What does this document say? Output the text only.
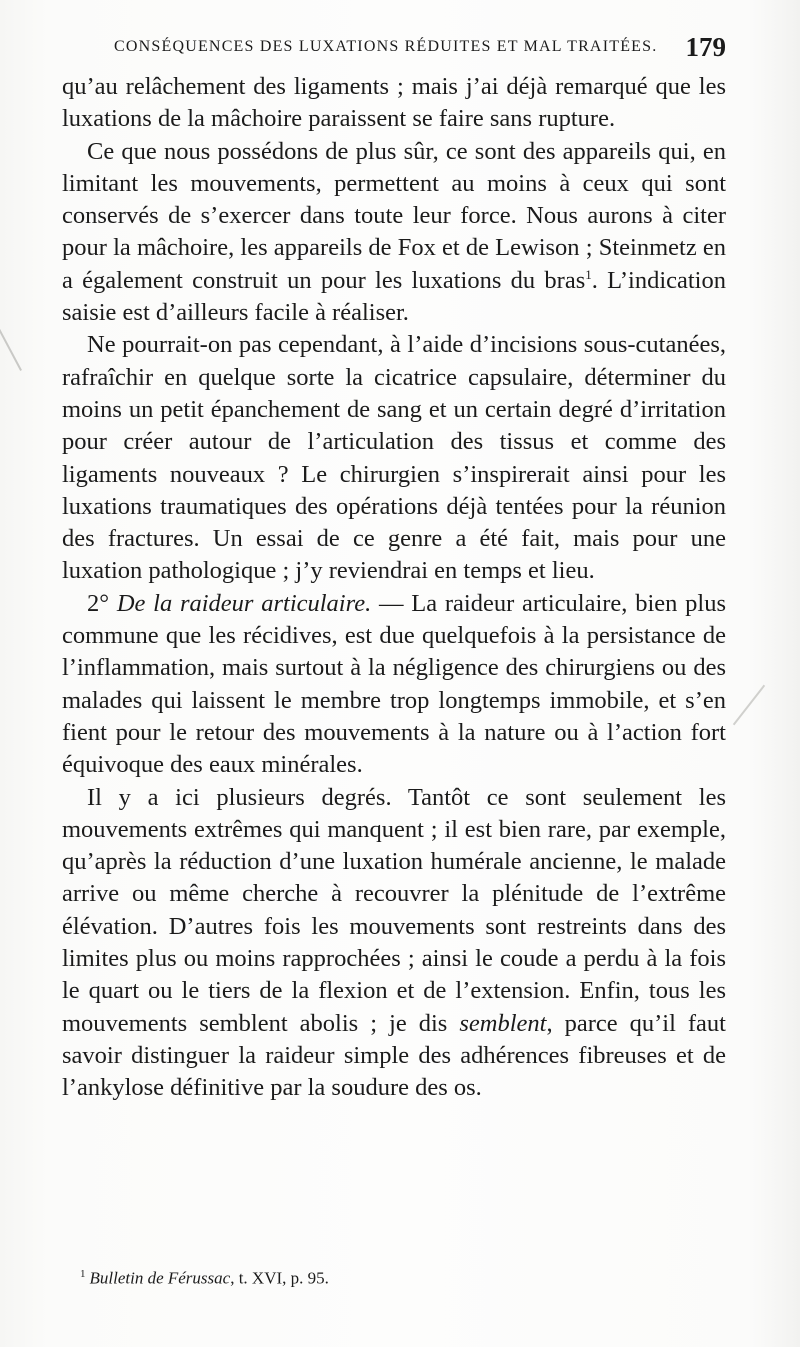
CONSÉQUENCES DES LUXATIONS RÉDUITES ET MAL TRAITÉES. 179

qu’au relâchement des ligaments ; mais j’ai déjà remarqué que les luxations de la mâchoire paraissent se faire sans rupture.

Ce que nous possédons de plus sûr, ce sont des appareils qui, en limitant les mouvements, permettent au moins à ceux qui sont conservés de s’exercer dans toute leur force. Nous aurons à citer pour la mâchoire, les appareils de Fox et de Lewison ; Steinmetz en a également construit un pour les luxations du bras$^1$. L’indication saisie est d’ailleurs facile à réaliser.

Ne pourrait-on pas cependant, à l’aide d’incisions sous-cutanées, rafraîchir en quelque sorte la cicatrice capsulaire, déterminer du moins un petit épanchement de sang et un certain degré d’irritation pour créer autour de l’articulation des tissus et comme des ligaments nouveaux ? Le chirurgien s’inspirerait ainsi pour les luxations traumatiques des opérations déjà tentées pour la réunion des fractures. Un essai de ce genre a été fait, mais pour une luxation pathologique ; j’y reviendrai en temps et lieu.

2° De la raideur articulaire. — La raideur articulaire, bien plus commune que les récidives, est due quelquefois à la persistance de l’inflammation, mais surtout à la négligence des chirurgiens ou des malades qui laissent le membre trop longtemps immobile, et s’en fient pour le retour des mouvements à la nature ou à l’action fort équivoque des eaux minérales.

Il y a ici plusieurs degrés. Tantôt ce sont seulement les mouvements extrêmes qui manquent ; il est bien rare, par exemple, qu’après la réduction d’une luxation humérale ancienne, le malade arrive ou même cherche à recouvrer la plénitude de l’extrême élévation. D’autres fois les mouvements sont restreints dans des limites plus ou moins rapprochées ; ainsi le coude a perdu à la fois le quart ou le tiers de la flexion et de l’extension. Enfin, tous les mouvements semblent abolis ; je dis semblent, parce qu’il faut savoir distinguer la raideur simple des adhérences fibreuses et de l’ankylose définitive par la soudure des os.

$^1$ Bulletin de Férussac, t. XVI, p. 95.
